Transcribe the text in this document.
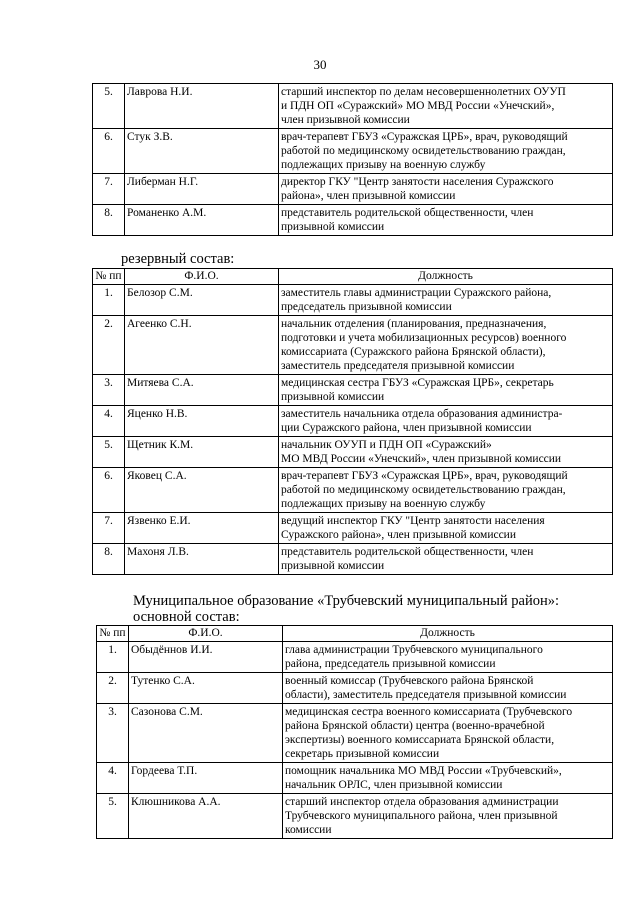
30
5.	Лаврова Н.И.	старший инспектор по делам несовершеннолетних ОУУП
и ПДН ОП «Суражский» МО МВД России «Унечский»,
член призывной комиссии

6.	Стук З.В.	врач-терапевт ГБУЗ «Суражская ЦРБ», врач, руководящий
работой по медицинскому освидетельствованию граждан,
подлежащих призыву на военную службу

7.	Либерман Н.Г.	директор ГКУ "Центр занятости населения Суражского
района», член призывной комиссии

8.	Романенко А.М.	представитель родительской общественности, член
призывной комиссии
резервный состав:
№ пп	Ф.И.О.	Должность
1.	Белозор С.М.	заместитель главы администрации Суражского района,
председатель призывной комиссии

2.	Агеенко С.Н.	начальник отделения (планирования, предназначения,
подготовки и учета мобилизационных ресурсов) военного
комиссариата (Суражского района Брянской области),
заместитель председателя призывной комиссии

3.	Митяева С.А.	медицинская сестра ГБУЗ «Суражская ЦРБ», секретарь
призывной комиссии

4.	Яценко Н.В.	заместитель начальника отдела образования администра-
ции Суражского района, член призывной комиссии

5.	Щетник К.М.	начальник ОУУП и ПДН ОП «Суражский»
МО МВД России «Унечский», член призывной комиссии

6.	Яковец С.А.	врач-терапевт ГБУЗ «Суражская ЦРБ», врач, руководящий
работой по медицинскому освидетельствованию граждан,
подлежащих призыву на военную службу

7.	Язвенко Е.И.	ведущий инспектор ГКУ "Центр занятости населения
Суражского района», член призывной комиссии

8.	Махоня Л.В.	представитель родительской общественности, член
призывной комиссии
Муниципальное образование «Трубчевский муниципальный район»:
основной состав:
№ пп	Ф.И.О.	Должность
1.	Обыдённов И.И.	глава администрации Трубчевского муниципального
района, председатель призывной комиссии

2.	Тутенко С.А.	военный комиссар (Трубчевского района Брянской
области), заместитель председателя призывной комиссии

3.	Сазонова С.М.	медицинская сестра военного комиссариата (Трубчевского
района Брянской области) центра (военно-врачебной
экспертизы) военного комиссариата Брянской области,
секретарь призывной комиссии

4.	Гордеева Т.П.	помощник начальника МО МВД России «Трубчевский»,
начальник ОРЛС, член призывной комиссии

5.	Клюшникова А.А.	старший инспектор отдела образования администрации
Трубчевского муниципального района, член призывной
комиссии
